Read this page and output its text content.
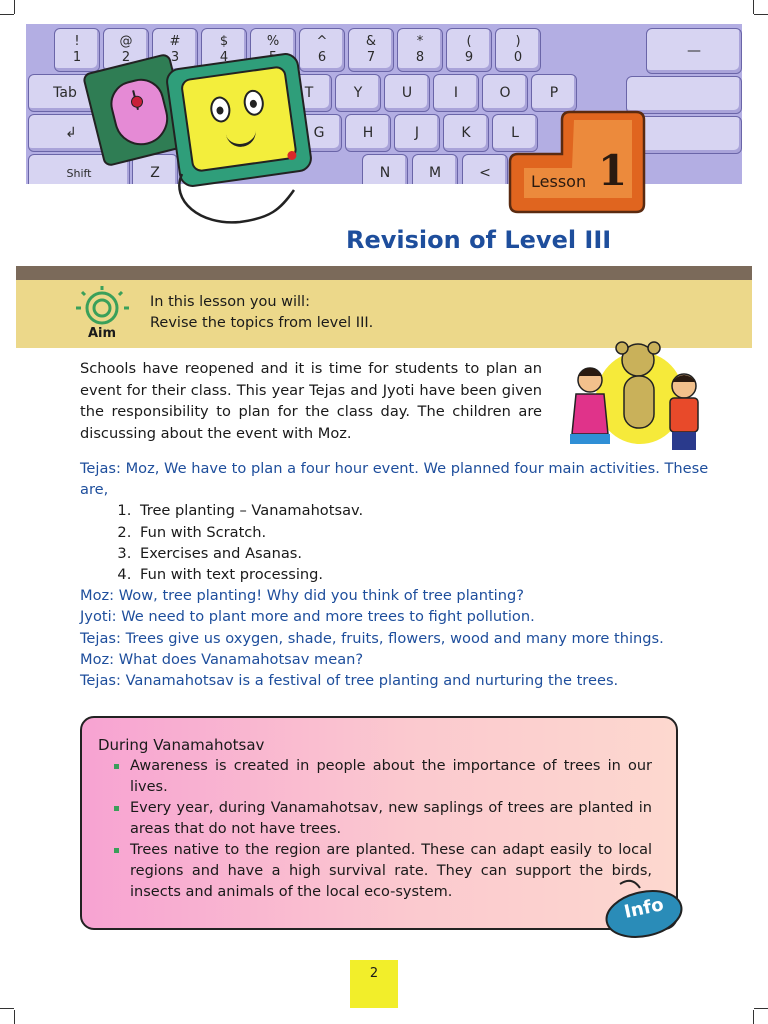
!
1
@
2
#
3
$
4
%	^
6
&
7
*
8
(
9
)
0
Tab
↲
Shift
T	Y	U	I	O	P
G	H	J	K	L
Z	N	M	<
—
Lesson 1
Revision of Level III
Aim
In this lesson you will:
Revise the topics from level III.

Schools have reopened and it is time for students to plan an event for their class. This year Tejas and Jyoti have been given the responsibility to plan for the class day. The children are discussing about the event with Moz.

Tejas: Moz, We have to plan a four hour event. We planned four main activities. These are,
1. Tree planting – Vanamahotsav.
2. Fun with Scratch.
3. Exercises and Asanas.
4. Fun with text processing.
Moz: Wow, tree planting! Why did you think of tree planting?
Jyoti: We need to plant more and more trees to fight pollution.
Tejas: Trees give us oxygen, shade, fruits, flowers, wood and many more things.
Moz: What does Vanamahotsav mean?
Tejas: Vanamahotsav is a festival of tree planting and nurturing the trees.
During Vanamahotsav
Awareness is created in people about the importance of trees in our lives.
Every year, during Vanamahotsav, new saplings of trees are planted in areas that do not have trees.
Trees native to the region are planted. These can adapt easily to local regions and have a high survival rate. They can support the birds, insects and animals of the local eco-system.
Info
2
